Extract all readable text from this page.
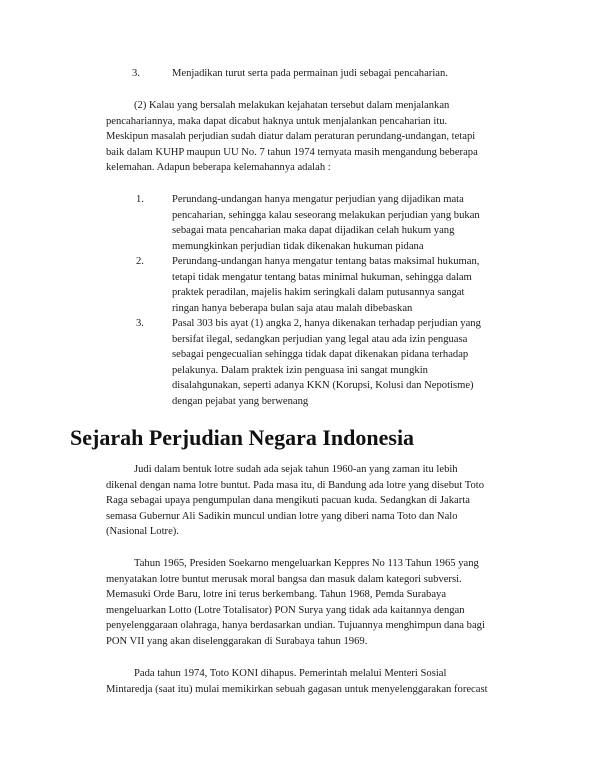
3.	Menjadikan turut serta pada permainan judi sebagai pencaharian.
(2) Kalau yang bersalah melakukan kejahatan tersebut dalam menjalankan
pencahariannya, maka dapat dicabut haknya untuk menjalankan pencaharian itu.
Meskipun masalah perjudian sudah diatur dalam peraturan perundang-undangan, tetapi
baik dalam KUHP maupun UU No. 7 tahun 1974 ternyata masih mengandung beberapa
kelemahan. Adapun beberapa kelemahannya adalah :
1.	Perundang-undangan hanya mengatur perjudian yang dijadikan mata
pencaharian, sehingga kalau seseorang melakukan perjudian yang bukan
sebagai mata pencaharian maka dapat dijadikan celah hukum yang
memungkinkan perjudian tidak dikenakan hukuman pidana
2.	Perundang-undangan hanya mengatur tentang batas maksimal hukuman,
tetapi tidak mengatur tentang batas minimal hukuman, sehingga dalam
praktek peradilan, majelis hakim seringkali dalam putusannya sangat
ringan hanya beberapa bulan saja atau malah dibebaskan
3.	Pasal 303 bis ayat (1) angka 2, hanya dikenakan terhadap perjudian yang
bersifat ilegal, sedangkan perjudian yang legal atau ada izin penguasa
sebagai pengecualian sehingga tidak dapat dikenakan pidana terhadap
pelakunya. Dalam praktek izin penguasa ini sangat mungkin
disalahgunakan, seperti adanya KKN (Korupsi, Kolusi dan Nepotisme)
dengan pejabat yang berwenang
Sejarah Perjudian Negara Indonesia
Judi dalam bentuk lotre sudah ada sejak tahun 1960-an yang zaman itu lebih
dikenal dengan nama lotre buntut. Pada masa itu, di Bandung ada lotre yang disebut Toto
Raga sebagai upaya pengumpulan dana mengikuti pacuan kuda. Sedangkan di Jakarta
semasa Gubernur Ali Sadikin muncul undian lotre yang diberi nama Toto dan Nalo
(Nasional Lotre).
Tahun 1965, Presiden Soekarno mengeluarkan Keppres No 113 Tahun 1965 yang
menyatakan lotre buntut merusak moral bangsa dan masuk dalam kategori subversi.
Memasuki Orde Baru, lotre ini terus berkembang. Tahun 1968, Pemda Surabaya
mengeluarkan Lotto (Lotre Totalisator) PON Surya yang tidak ada kaitannya dengan
penyelenggaraan olahraga, hanya berdasarkan undian. Tujuannya menghimpun dana bagi
PON VII yang akan diselenggarakan di Surabaya tahun 1969.
Pada tahun 1974, Toto KONI dihapus. Pemerintah melalui Menteri Sosial
Mintaredja (saat itu) mulai memikirkan sebuah gagasan untuk menyelenggarakan forecast
